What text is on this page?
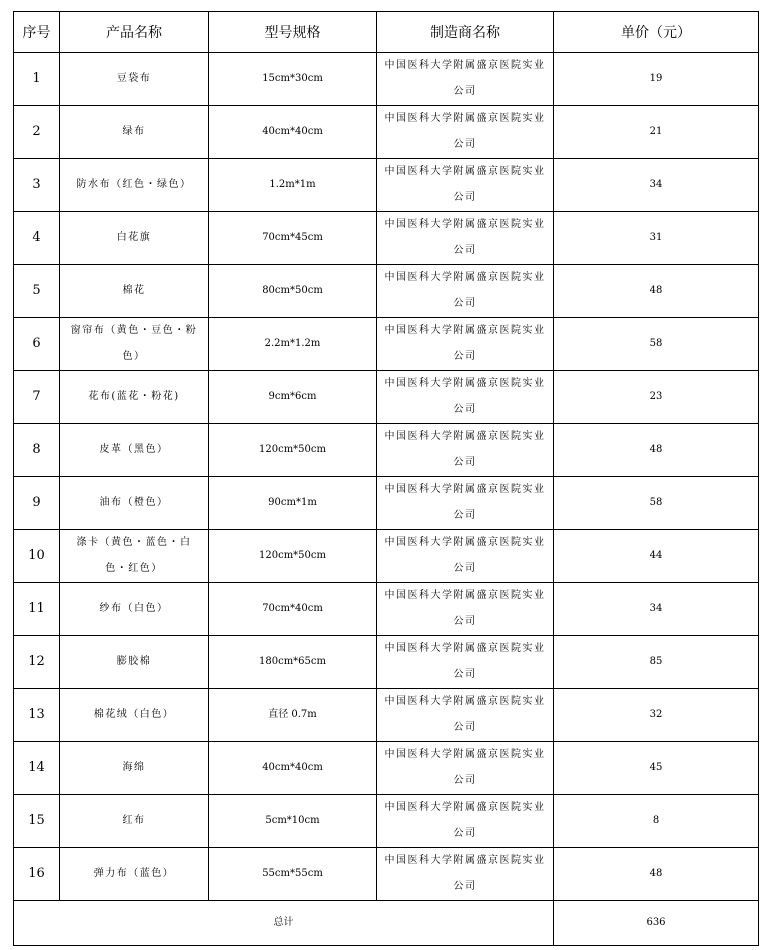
序号	产品名称	型号规格	制造商名称	单价（元）
1	豆袋布	15cm*30cm	中国医科大学附属盛京医院实业公司	19
2	绿布	40cm*40cm	中国医科大学附属盛京医院实业公司	21
3	防水布（红色・绿色）	1.2m*1m	中国医科大学附属盛京医院实业公司	34
4	白花旗	70cm*45cm	中国医科大学附属盛京医院实业公司	31
5	棉花	80cm*50cm	中国医科大学附属盛京医院实业公司	48
6	窗帘布（黄色・豆色・粉色）	2.2m*1.2m	中国医科大学附属盛京医院实业公司	58
7	花布(蓝花・粉花)	9cm*6cm	中国医科大学附属盛京医院实业公司	23
8	皮革（黑色）	120cm*50cm	中国医科大学附属盛京医院实业公司	48
9	油布（橙色）	90cm*1m	中国医科大学附属盛京医院实业公司	58
10	涤卡（黄色・蓝色・白色・红色）	120cm*50cm	中国医科大学附属盛京医院实业公司	44
11	纱布（白色）	70cm*40cm	中国医科大学附属盛京医院实业公司	34
12	膨胶棉	180cm*65cm	中国医科大学附属盛京医院实业公司	85
13	棉花绒（白色）	直径 0.7m	中国医科大学附属盛京医院实业公司	32
14	海绵	40cm*40cm	中国医科大学附属盛京医院实业公司	45
15	红布	5cm*10cm	中国医科大学附属盛京医院实业公司	8
16	弹力布（蓝色）	55cm*55cm	中国医科大学附属盛京医院实业公司	48
总计				636
